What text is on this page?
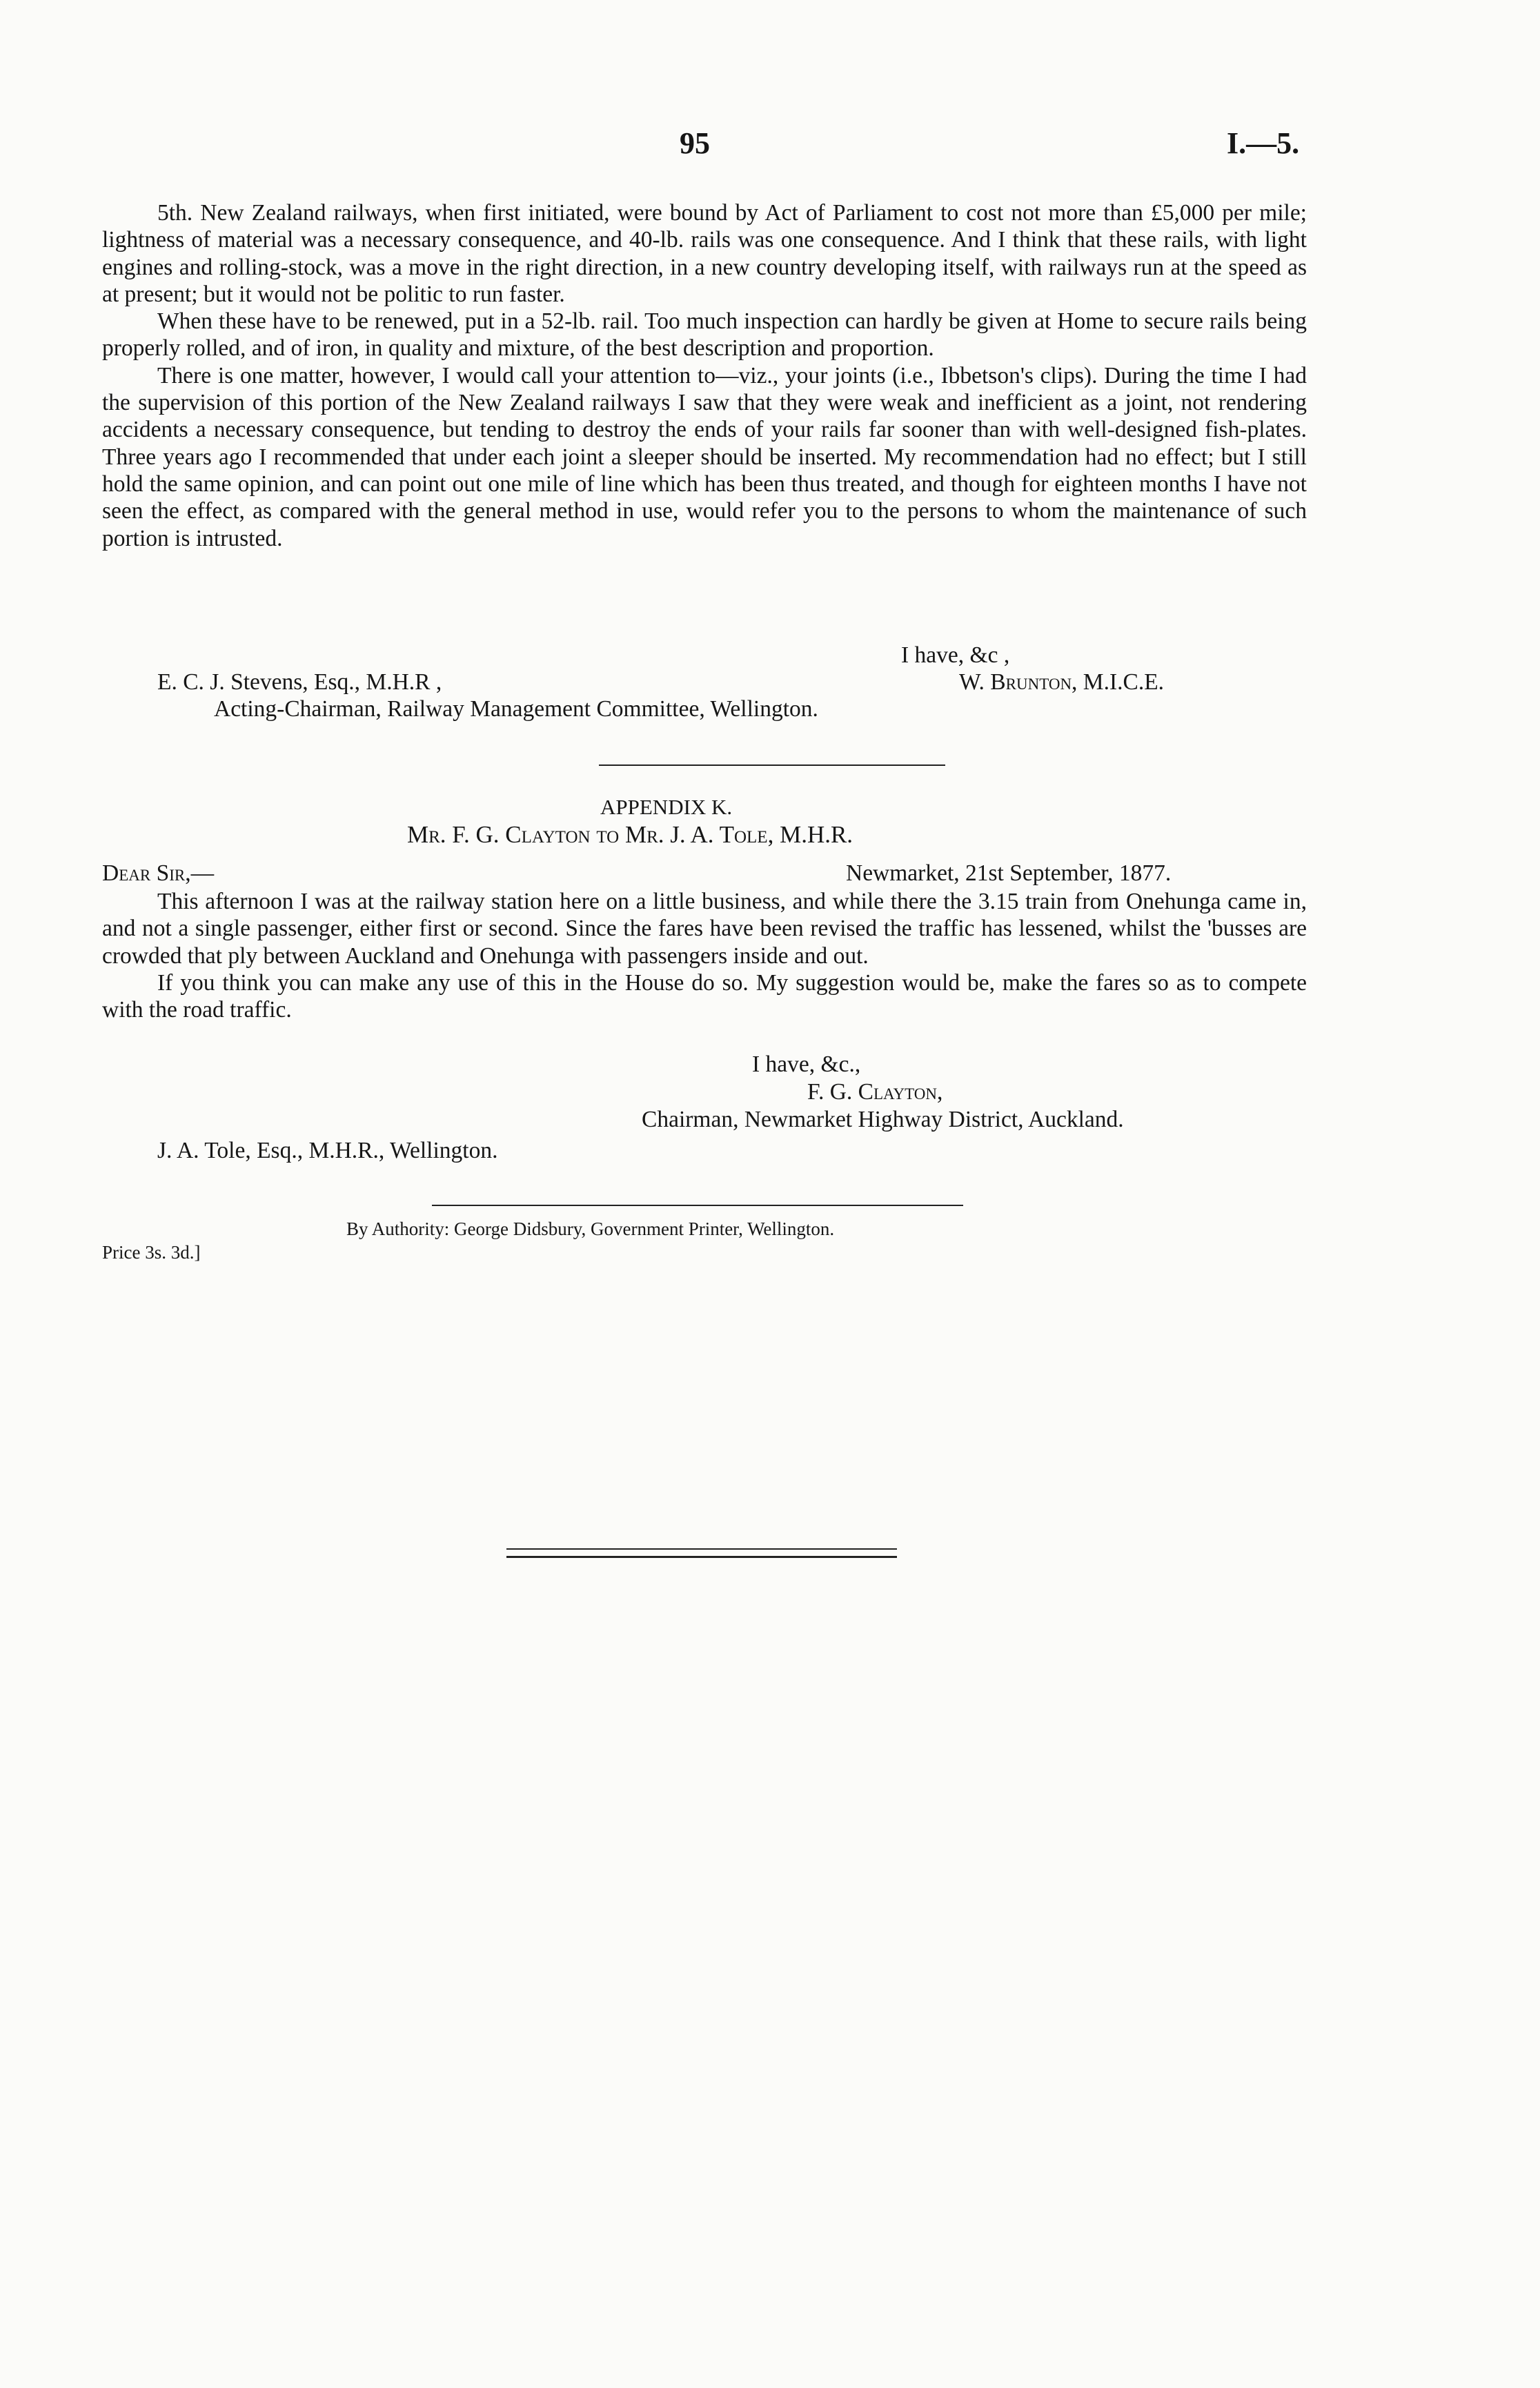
95	I.—5.

5th. New Zealand railways, when first initiated, were bound by Act of Parliament to cost not more than £5,000 per mile; lightness of material was a necessary consequence, and 40-lb. rails was one consequence. And I think that these rails, with light engines and rolling-stock, was a move in the right direction, in a new country developing itself, with railways run at the speed as at present; but it would not be politic to run faster.

When these have to be renewed, put in a 52-lb. rail. Too much inspection can hardly be given at Home to secure rails being properly rolled, and of iron, in quality and mixture, of the best description and proportion.

There is one matter, however, I would call your attention to—viz., your joints (i.e., Ibbetson's clips). During the time I had the supervision of this portion of the New Zealand railways I saw that they were weak and inefficient as a joint, not rendering accidents a necessary consequence, but tending to destroy the ends of your rails far sooner than with well-designed fish-plates. Three years ago I recommended that under each joint a sleeper should be inserted. My recommendation had no effect; but I still hold the same opinion, and can point out one mile of line which has been thus treated, and though for eighteen months I have not seen the effect, as compared with the general method in use, would refer you to the persons to whom the maintenance of such portion is intrusted.

I have, &c ,
E. C. J. Stevens, Esq., M.H.R ,	W. Brunton, M.I.C.E.
Acting-Chairman, Railway Management Committee, Wellington.
APPENDIX K.
Mr. F. G. Clayton to Mr. J. A. Tole, M.H.R.
Dear Sir,—	Newmarket, 21st September, 1877.

This afternoon I was at the railway station here on a little business, and while there the 3.15 train from Onehunga came in, and not a single passenger, either first or second. Since the fares have been revised the traffic has lessened, whilst the 'busses are crowded that ply between Auckland and Onehunga with passengers inside and out.

If you think you can make any use of this in the House do so. My suggestion would be, make the fares so as to compete with the road traffic.

I have, &c.,
F. G. Clayton,
Chairman, Newmarket Highway District, Auckland.
J. A. Tole, Esq., M.H.R., Wellington.
By Authority: George Didsbury, Government Printer, Wellington.
Price 3s. 3d.]
